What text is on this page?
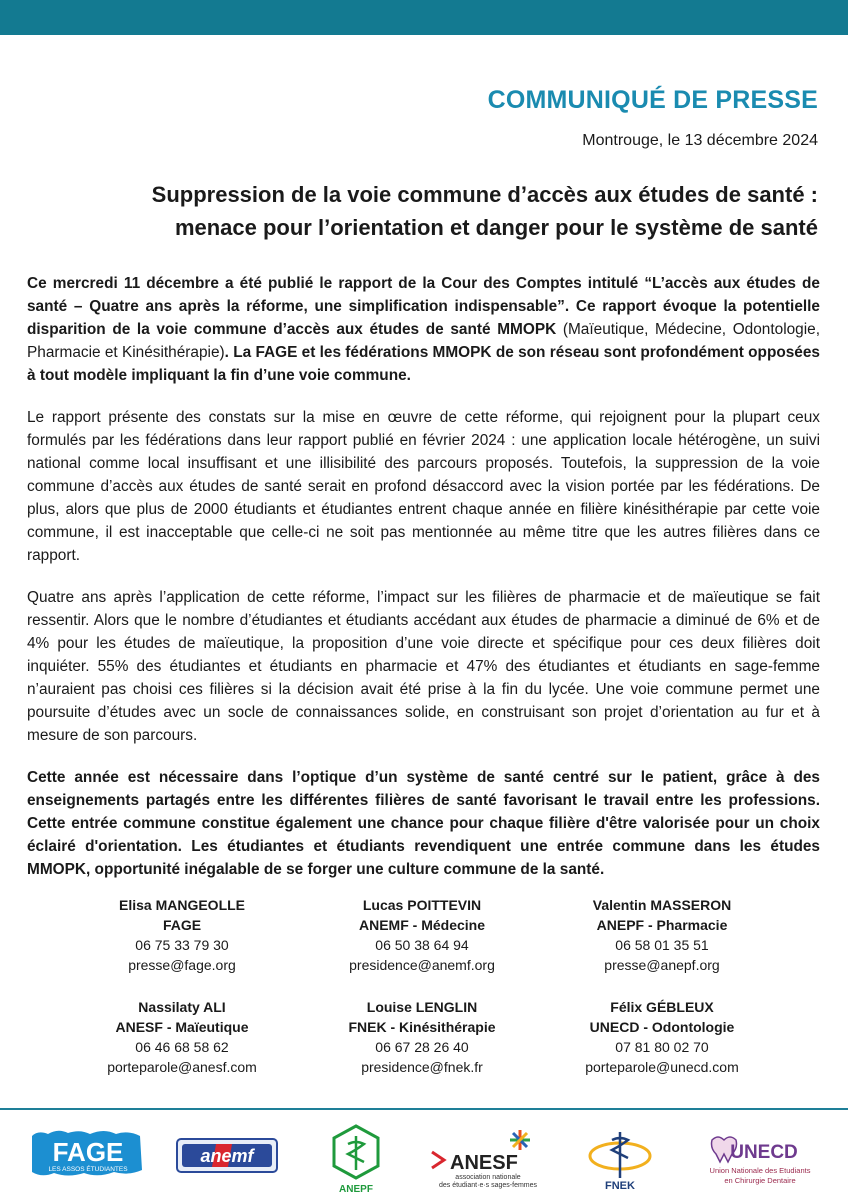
COMMUNIQUÉ DE PRESSE
Montrouge, le 13 décembre 2024
Suppression de la voie commune d’accès aux études de santé :
menace pour l’orientation et danger pour le système de santé

Ce mercredi 11 décembre a été publié le rapport de la Cour des Comptes intitulé “L’accès aux études de santé – Quatre ans après la réforme, une simplification indispensable”. Ce rapport évoque la potentielle disparition de la voie commune d’accès aux études de santé MMOPK (Maïeutique, Médecine, Odontologie, Pharmacie et Kinésithérapie). La FAGE et les fédérations MMOPK de son réseau sont profondément opposées à tout modèle impliquant la fin d’une voie commune.

Le rapport présente des constats sur la mise en œuvre de cette réforme, qui rejoignent pour la plupart ceux formulés par les fédérations dans leur rapport publié en février 2024 : une application locale hétérogène, un suivi national comme local insuffisant et une illisibilité des parcours proposés. Toutefois, la suppression de la voie commune d’accès aux études de santé serait en profond désaccord avec la vision portée par les fédérations. De plus, alors que plus de 2000 étudiants et étudiantes entrent chaque année en filière kinésithérapie par cette voie commune, il est inacceptable que celle-ci ne soit pas mentionnée au même titre que les autres filières dans ce rapport.

Quatre ans après l’application de cette réforme, l’impact sur les filières de pharmacie et de maïeutique se fait ressentir. Alors que le nombre d’étudiantes et étudiants accédant aux études de pharmacie a diminué de 6% et de 4% pour les études de maïeutique, la proposition d’une voie directe et spécifique pour ces deux filières doit inquiéter. 55% des étudiantes et étudiants en pharmacie et 47% des étudiantes et étudiants en sage-femme n’auraient pas choisi ces filières si la décision avait été prise à la fin du lycée. Une voie commune permet une poursuite d’études avec un socle de connaissances solide, en construisant son projet d’orientation au fur et à mesure de son parcours.

Cette année est nécessaire dans l’optique d’un système de santé centré sur le patient, grâce à des enseignements partagés entre les différentes filières de santé favorisant le travail entre les professions. Cette entrée commune constitue également une chance pour chaque filière d'être valorisée pour un choix éclairé d'orientation. Les étudiantes et étudiants revendiquent une entrée commune dans les études MMOPK, opportunité inégalable de se forger une culture commune de la santé.

Elisa MANGEOLLE
FAGE
06 75 33 79 30
presse@fage.org
Lucas POITTEVIN
ANEMF - Médecine
06 50 38 64 94
presidence@anemf.org
Valentin MASSERON
ANEPF - Pharmacie
06 58 01 35 51
presse@anepf.org
Nassilaty ALI
ANESF - Maïeutique
06 46 68 58 62
porteparole@anesf.com
Louise LENGLIN
FNEK - Kinésithérapie
06 67 28 26 40
presidence@fnek.fr
Félix GÉBLEUX
UNECD - Odontologie
07 81 80 02 70
porteparole@unecd.com
FAGE
LES ASSOS ÉTUDIANTES
anemf
ANEPF
ANESF
association nationale
des étudiant·e·s sages-femmes	FNEK
UNECD
Union Nationale des Etudiants
en Chirurgie Dentaire
